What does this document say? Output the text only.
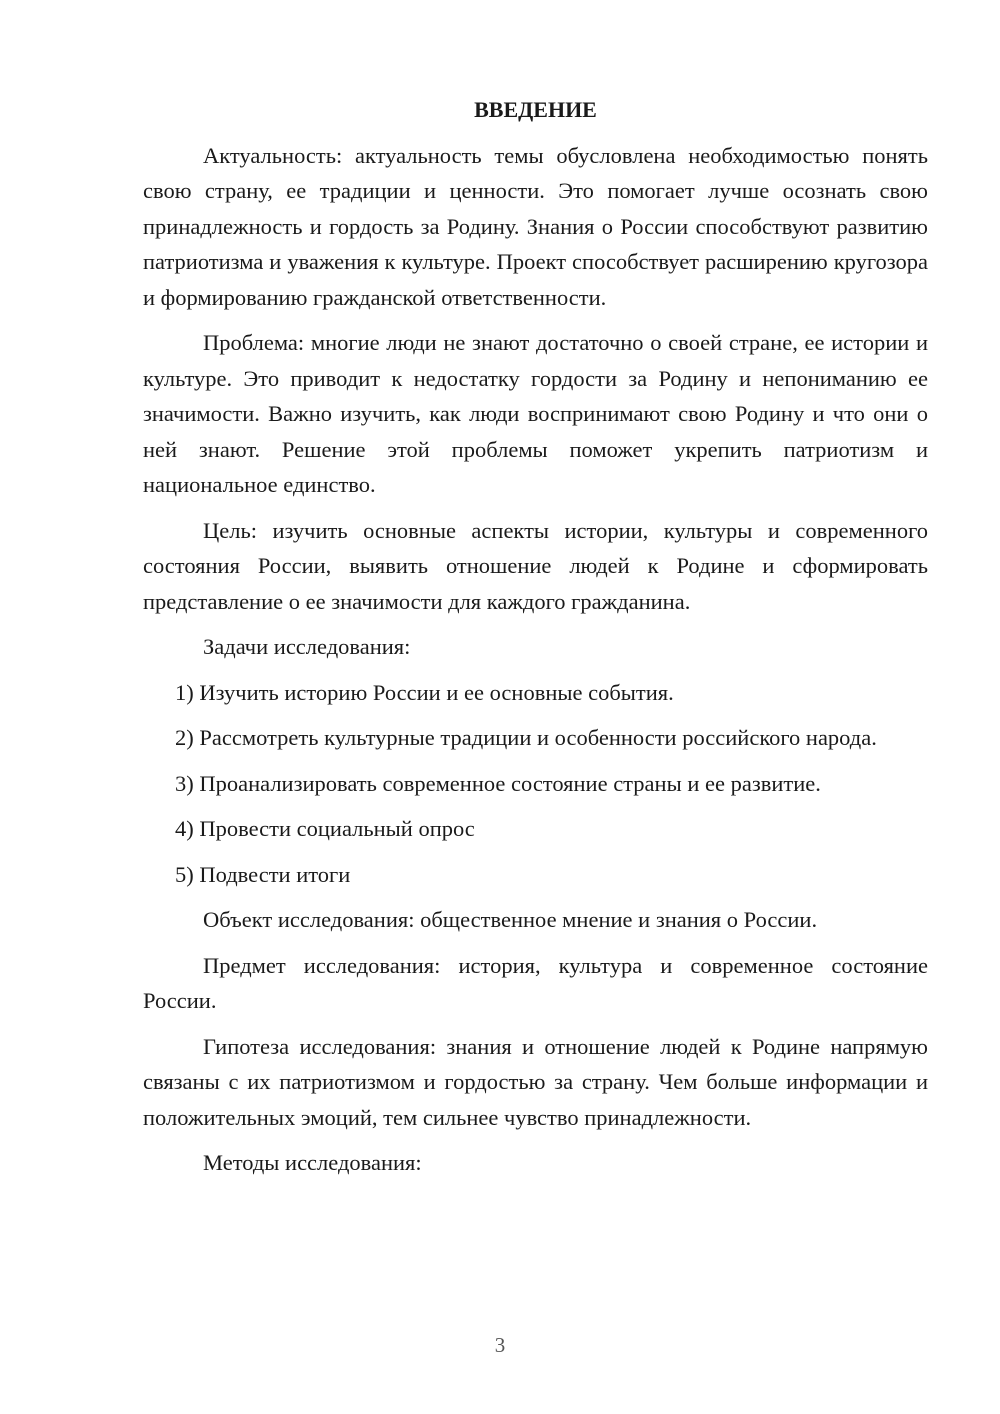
ВВЕДЕНИЕ

Актуальность: актуальность темы обусловлена необходимостью понять свою страну, ее традиции и ценности. Это помогает лучше осознать свою принадлежность и гордость за Родину. Знания о России способствуют развитию патриотизма и уважения к культуре. Проект способствует расширению кругозора и формированию гражданской ответственности.

Проблема: многие люди не знают достаточно о своей стране, ее истории и культуре. Это приводит к недостатку гордости за Родину и непониманию ее значимости. Важно изучить, как люди воспринимают свою Родину и что они о ней знают. Решение этой проблемы поможет укрепить патриотизм и национальное единство.

Цель: изучить основные аспекты истории, культуры и современного состояния России, выявить отношение людей к Родине и сформировать представление о ее значимости для каждого гражданина.

Задачи исследования:

1) Изучить историю России и ее основные события.

2) Рассмотреть культурные традиции и особенности российского народа.

3) Проанализировать современное состояние страны и ее развитие.

4) Провести социальный опрос

5) Подвести итоги

Объект исследования: общественное мнение и знания о России.

Предмет исследования: история, культура и современное состояние России.

Гипотеза исследования: знания и отношение людей к Родине напрямую связаны с их патриотизмом и гордостью за страну. Чем больше информации и положительных эмоций, тем сильнее чувство принадлежности.

Методы исследования:

3
